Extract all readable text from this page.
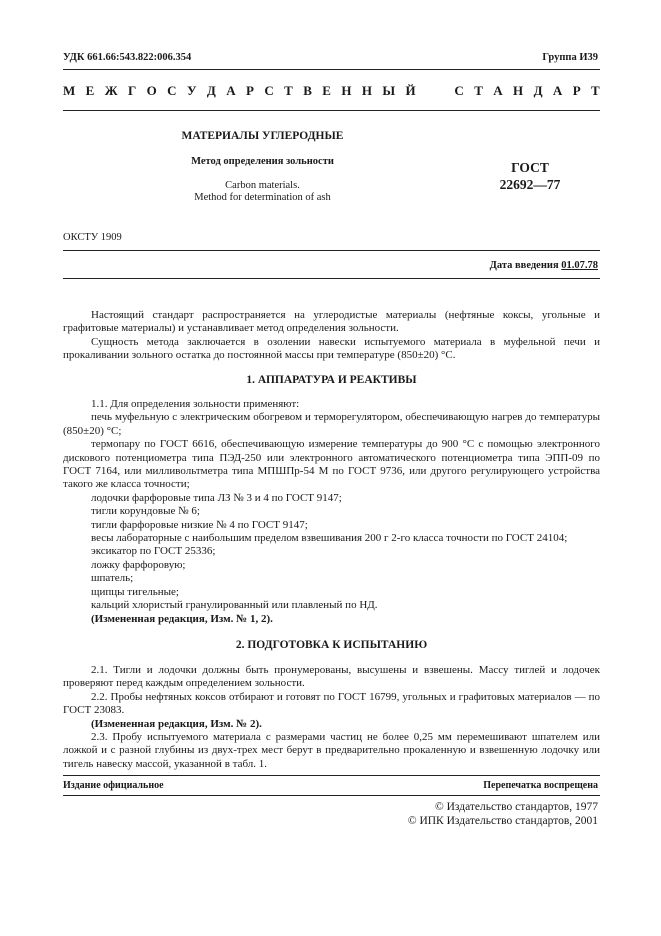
УДК 661.66:543.822:006.354	Группа И39
М Е Ж Г О С У Д А Р С Т В Е Н Н Ы Й	С Т А Н Д А Р Т
МАТЕРИАЛЫ УГЛЕРОДНЫЕ
Метод определения зольности
Carbon materials.
Method for determination of ash
ГОСТ
22692—77
ОКСТУ 1909
Дата введения 01.07.78

Настоящий стандарт распространяется на углеродистые материалы (нефтяные коксы, угольные и графитовые материалы) и устанавливает метод определения зольности.

Сущность метода заключается в озолении навески испытуемого материала в муфельной печи и прокаливании зольного остатка до постоянной массы при температуре (850±20) °С.

1. АППАРАТУРА И РЕАКТИВЫ

1.1. Для определения зольности применяют:

печь муфельную с электрическим обогревом и терморегулятором, обеспечивающую нагрев до температуры (850±20) °С;

термопару по ГОСТ 6616, обеспечивающую измерение температуры до 900 °С с помощью электронного дискового потенциометра типа ПЭД-250 или электронного автоматического потенциометра типа ЭПП-09 по ГОСТ 7164, или милливольтметра типа МПШПр-54 М по ГОСТ 9736, или другого регулирующего устройства такого же класса точности;

лодочки фарфоровые типа ЛЗ № 3 и 4 по ГОСТ 9147;

тигли корундовые № 6;

тигли фарфоровые низкие № 4 по ГОСТ 9147;

весы лабораторные с наибольшим пределом взвешивания 200 г 2-го класса точности по ГОСТ 24104;

эксикатор по ГОСТ 25336;

ложку фарфоровую;

шпатель;

щипцы тигельные;

кальций хлористый гранулированный или плавленый по НД.

(Измененная редакция, Изм. № 1, 2).

2. ПОДГОТОВКА К ИСПЫТАНИЮ

2.1. Тигли и лодочки должны быть пронумерованы, высушены и взвешены. Массу тиглей и лодочек проверяют перед каждым определением зольности.

2.2. Пробы нефтяных коксов отбирают и готовят по ГОСТ 16799, угольных и графитовых материалов — по ГОСТ 23083.

(Измененная редакция, Изм. № 2).

2.3. Пробу испытуемого материала с размерами частиц не более 0,25 мм перемешивают шпателем или ложкой и с разной глубины из двух-трех мест берут в предварительно прокаленную и взвешенную лодочку или тигель навеску массой, указанной в табл. 1.

Издание официальное	Перепечатка воспрещена
© Издательство стандартов, 1977
© ИПК Издательство стандартов, 2001
